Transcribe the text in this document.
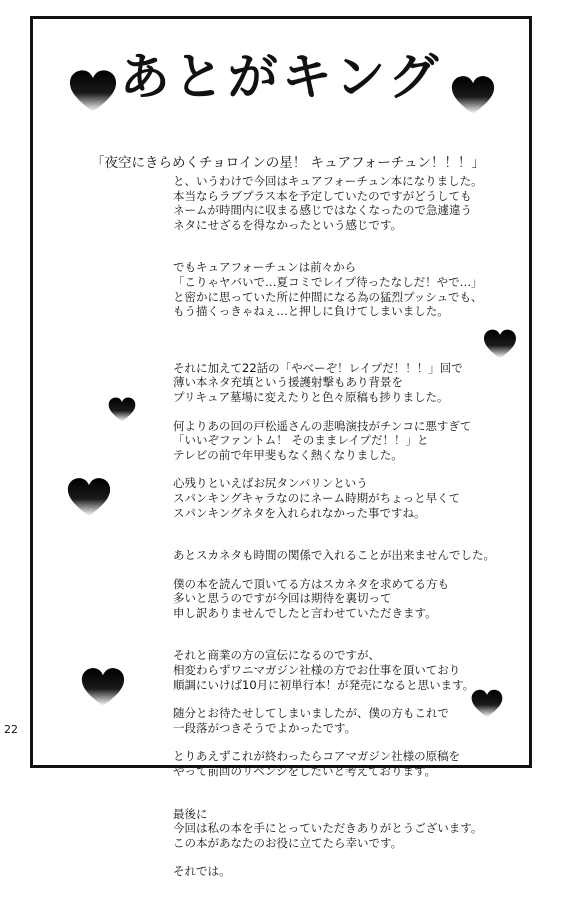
あとがキング
「夜空にきらめくチョロインの星！ キュアフォーチュン！！！」
と、いうわけで今回はキュアフォーチュン本になりました。
本当ならラブプラス本を予定していたのですがどうしても
ネームが時間内に収まる感じではなくなったので急遽違う
ネタにせざるを得なかったという感じです。
でもキュアフォーチュンは前々から
「こりゃヤバいで…夏コミでレイプ待ったなしだ！やで…」
と密かに思っていた所に仲間になる為の猛烈プッシュでも、
もう描くっきゃねぇ…と押しに負けてしまいました。
それに加えて22話の「やべーぞ！レイプだ！！！」回で
薄い本ネタ充填という援護射撃もあり背景を
プリキュア墓場に変えたりと色々原稿も捗りました。
何よりあの回の戸松遥さんの悲鳴演技がチンコに悪すぎて
「いいぞファントム！ そのままレイプだ！！」と
テレビの前で年甲斐もなく熱くなりました。
心残りといえばお尻タンバリンという
スパンキングキャラなのにネーム時期がちょっと早くて
スパンキングネタを入れられなかった事ですね。
あとスカネタも時間の関係で入れることが出来ませんでした。
僕の本を読んで頂いてる方はスカネタを求めてる方も
多いと思うのですが今回は期待を裏切って
申し訳ありませんでしたと言わせていただきます。
それと商業の方の宣伝になるのですが、
相変わらずワニマガジン社様の方でお仕事を頂いており
順調にいけば10月に初単行本！が発売になると思います。
随分とお待たせしてしまいましたが、僕の方もこれで
一段落がつきそうでよかったです。
とりあえずこれが終わったらコアマガジン社様の原稿を
やって前回のリベンジをしたいと考えております。
最後に
今回は私の本を手にとっていただきありがとうございます。
この本があなたのお役に立てたら幸いです。
それでは。
22
